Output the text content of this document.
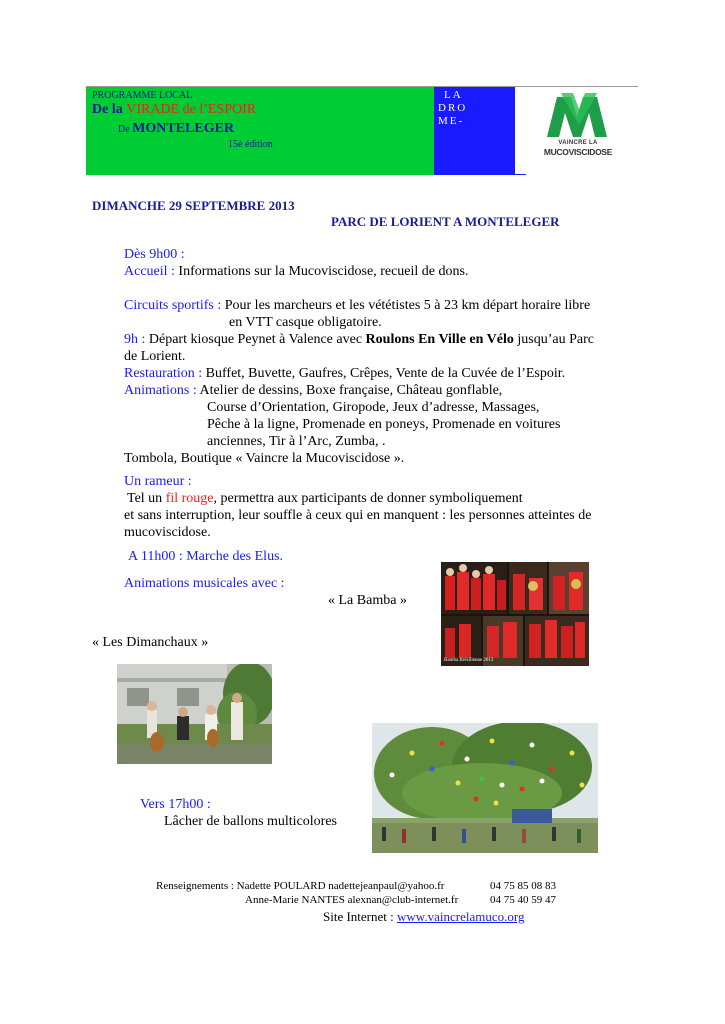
PROGRAMME LOCAL
De la VIRADE de l’ESPOIR
De MONTELEGER
15è édition
LA
DRO
ME-
VAINCRE LA
MUCOVISCIDOSE
DIMANCHE 29 SEPTEMBRE 2013
PARC DE LORIENT A MONTELEGER
Dès 9h00 :
Accueil : Informations sur la Mucoviscidose, recueil de dons.
Circuits sportifs : Pour les marcheurs et les vététistes 5 à 23 km départ horaire libre
en VTT casque obligatoire.
9h : Départ kiosque Peynet à Valence avec Roulons En Ville en Vélo jusqu’au Parc
de Lorient.
Restauration : Buffet, Buvette, Gaufres, Crêpes, Vente de la Cuvée de l’Espoir.
Animations : Atelier de dessins, Boxe française, Château gonflable,
Course d’Orientation, Giropode, Jeux d’adresse, Massages,
Pêche à la ligne, Promenade en poneys, Promenade en voitures
anciennes, Tir à l’Arc, Zumba, .
Tombola, Boutique « Vaincre la Mucoviscidose ».
Un rameur :
Tel un fil rouge, permettra aux participants de donner symboliquement
et sans interruption, leur souffle à ceux qui en manquent : les personnes atteintes de
mucoviscidose.
A 11h00 : Marche des Elus.
Animations musicales avec :
« La Bamba »
« Les Dimanchaux »
Bamba Brésilienne 2013
Vers 17h00 :
Lâcher de ballons multicolores
Renseignements : Nadette POULARD nadettejeanpaul@yahoo.fr	04 75 85 08 83
Anne-Marie NANTES alexnan@club-internet.fr	04 75 40 59 47
Site Internet : www.vaincrelamuco.org
